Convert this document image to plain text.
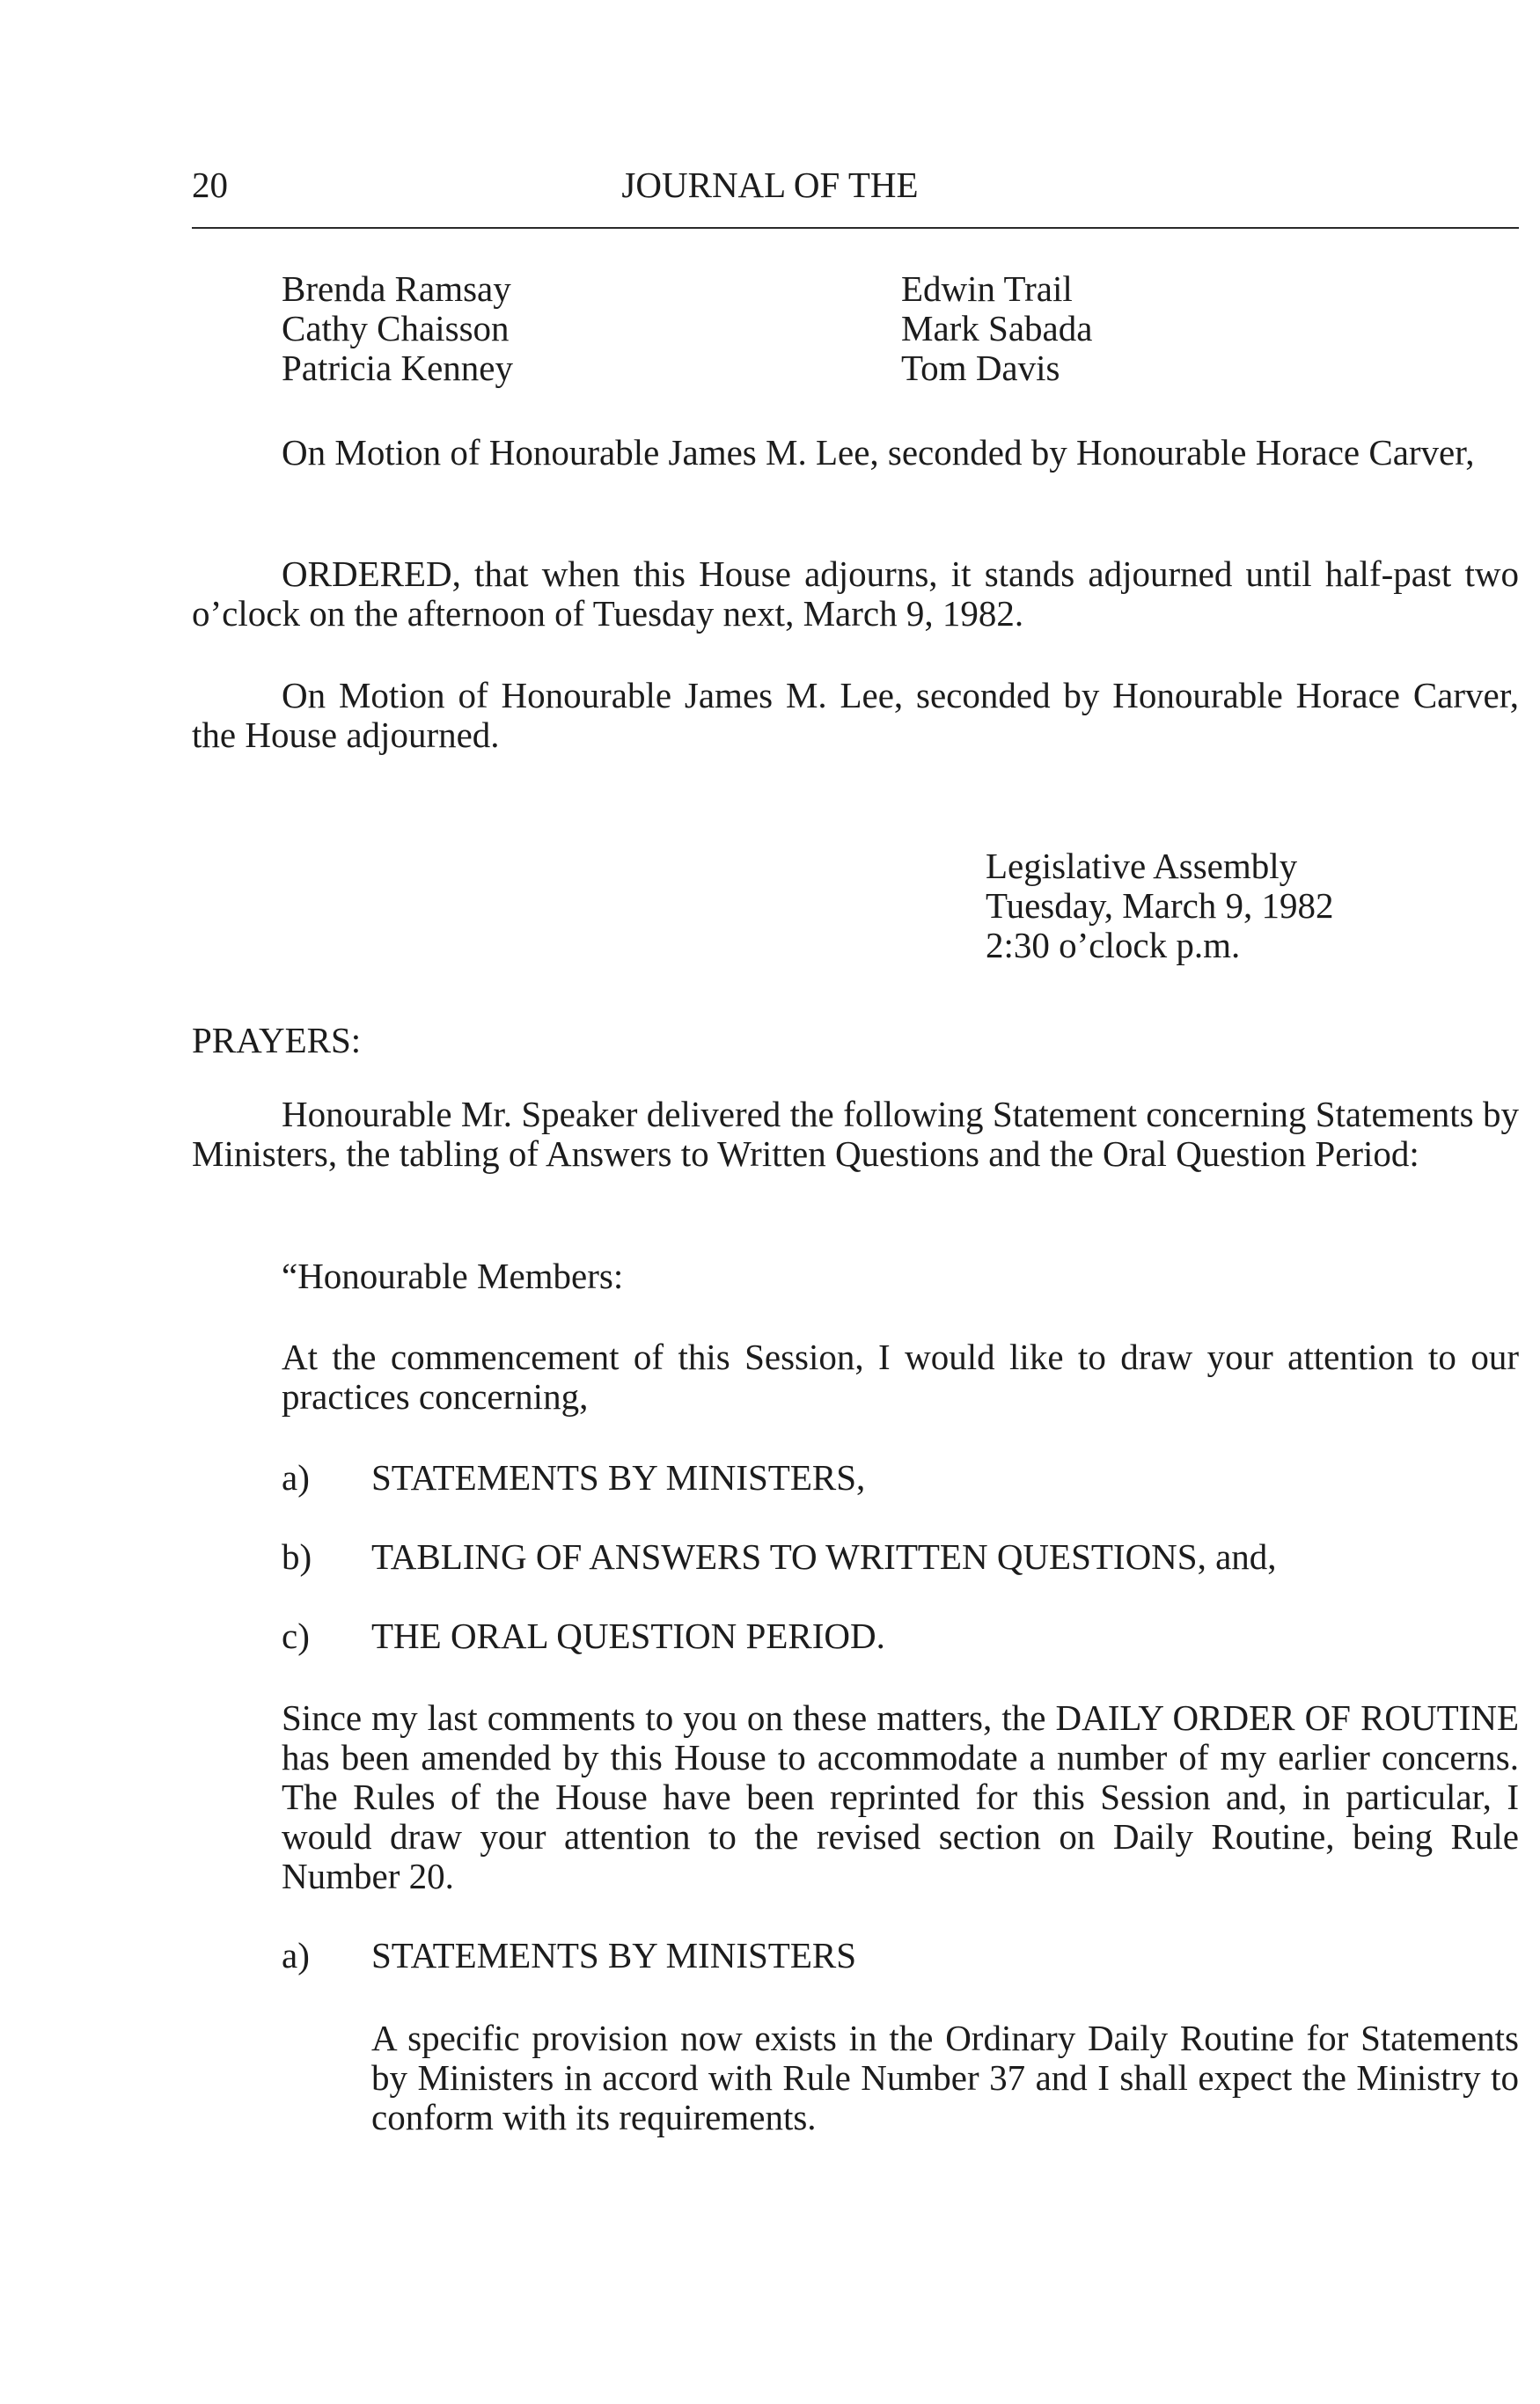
20	JOURNAL OF THE
Brenda Ramsay
Cathy Chaisson
Patricia Kenney
Edwin Trail
Mark Sabada
Tom Davis
On Motion of Honourable James M. Lee, seconded by Honourable Horace Carver,
ORDERED, that when this House adjourns, it stands adjourned until half-past two o’clock on the afternoon of Tuesday next, March 9, 1982.
On Motion of Honourable James M. Lee, seconded by Honourable Horace Carver, the House adjourned.
Legislative Assembly
Tuesday, March 9, 1982
2:30 o’clock p.m.
PRAYERS:
Honourable Mr. Speaker delivered the following Statement concerning Statements by Ministers, the tabling of Answers to Written Questions and the Oral Question Period:
“Honourable Members:
At the commencement of this Session, I would like to draw your attention to our practices concerning,
a) STATEMENTS BY MINISTERS,
b) TABLING OF ANSWERS TO WRITTEN QUESTIONS, and,
c) THE ORAL QUESTION PERIOD.
Since my last comments to you on these matters, the DAILY ORDER OF ROUTINE has been amended by this House to accommodate a number of my earlier concerns. The Rules of the House have been reprinted for this Session and, in particular, I would draw your attention to the revised section on Daily Routine, being Rule Number 20.
a) STATEMENTS BY MINISTERS
A specific provision now exists in the Ordinary Daily Routine for Statements by Ministers in accord with Rule Number 37 and I shall expect the Ministry to conform with its requirements.
